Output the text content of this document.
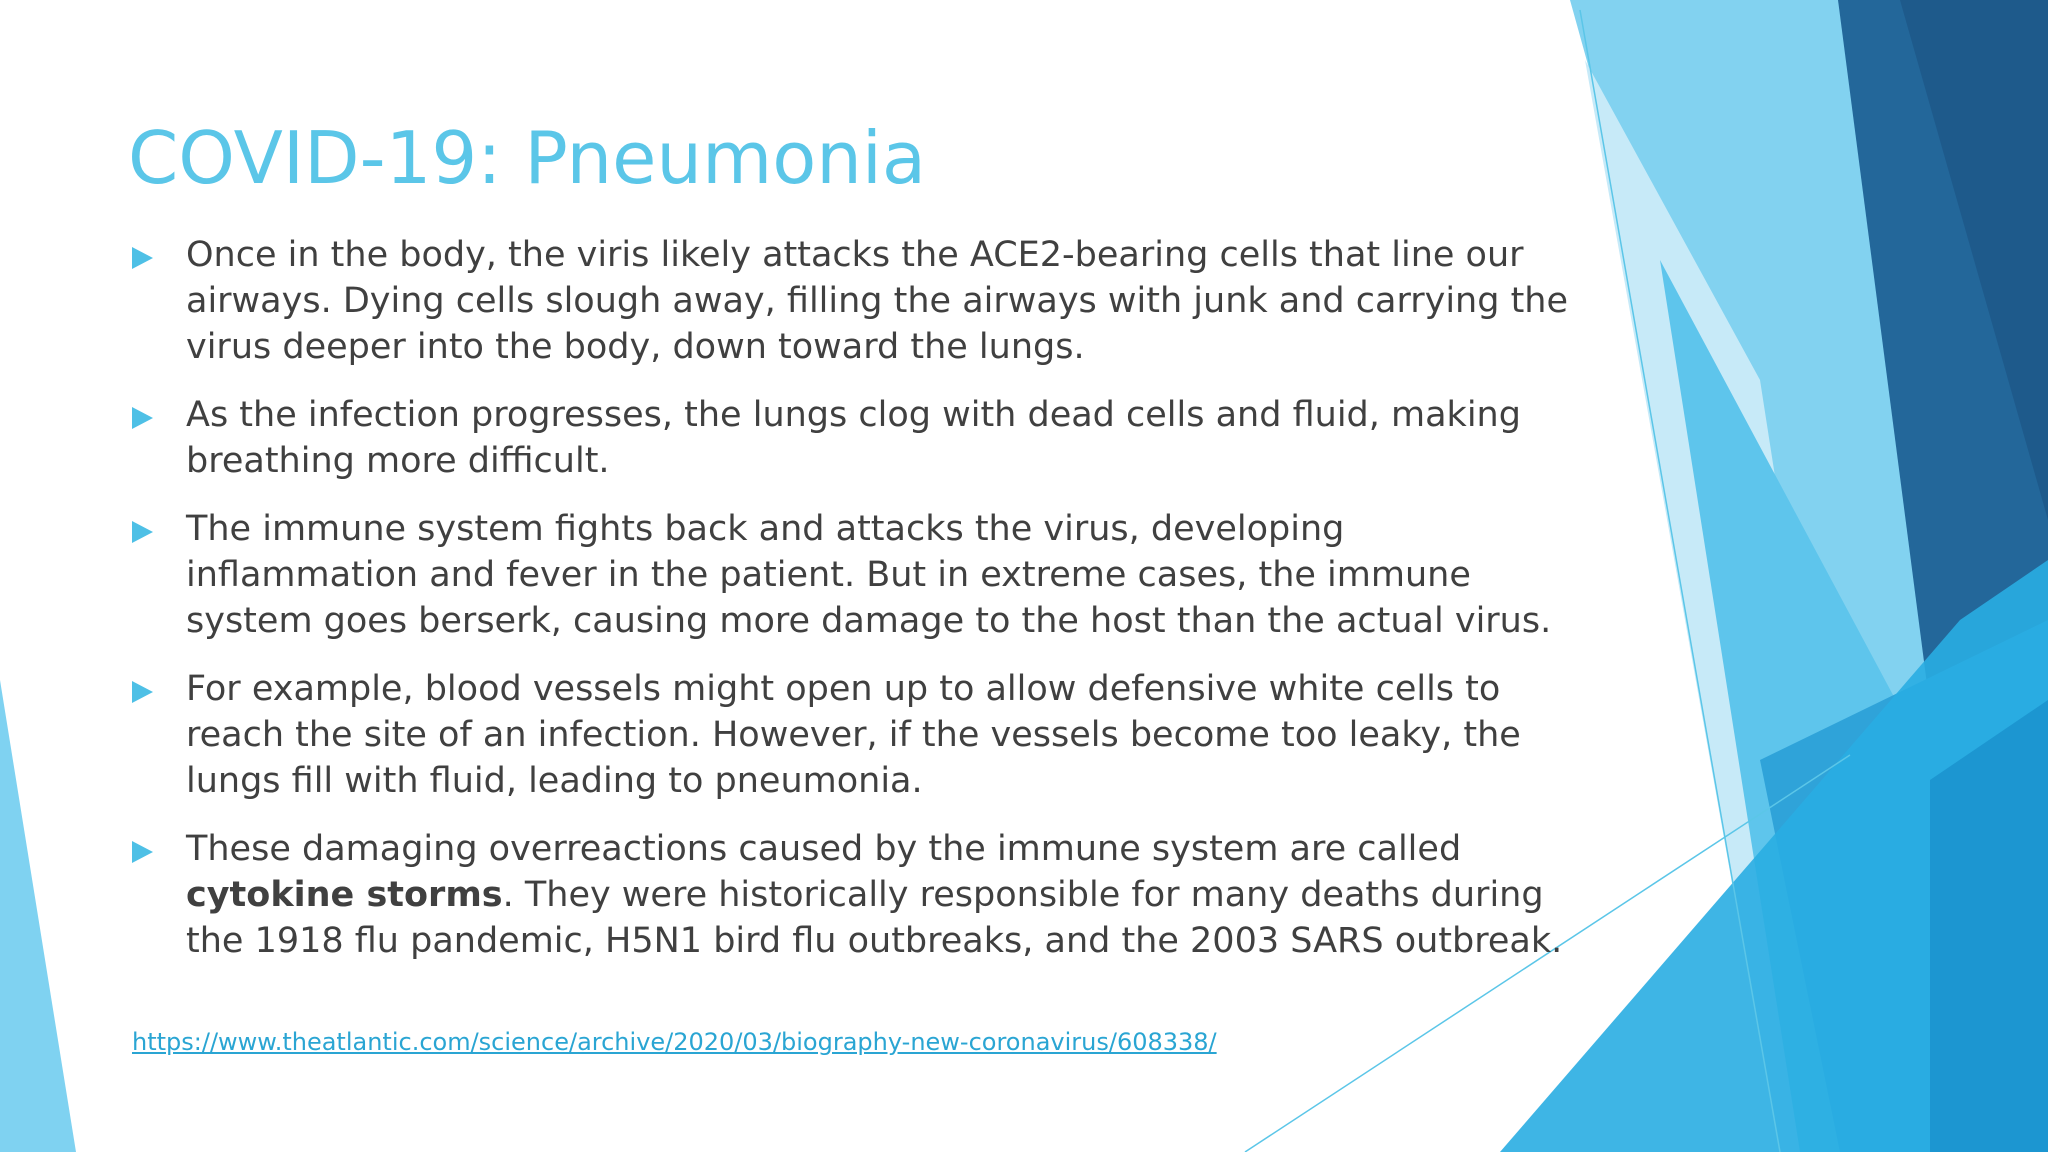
COVID-19: Pneumonia
Once in the body, the viris likely attacks the ACE2-bearing cells that line our airways. Dying cells slough away, filling the airways with junk and carrying the virus deeper into the body, down toward the lungs.
As the infection progresses, the lungs clog with dead cells and fluid, making breathing more difficult.
The immune system fights back and attacks the virus, developing inflammation and fever in the patient. But in extreme cases, the immune system goes berserk, causing more damage to the host than the actual virus.
For example, blood vessels might open up to allow defensive white cells to reach the site of an infection. However, if the vessels become too leaky, the lungs fill with fluid, leading to pneumonia.
These damaging overreactions caused by the immune system are called cytokine storms. They were historically responsible for many deaths during the 1918 flu pandemic, H5N1 bird flu outbreaks, and the 2003 SARS outbreak.
https://www.theatlantic.com/science/archive/2020/03/biography-new-coronavirus/608338/
